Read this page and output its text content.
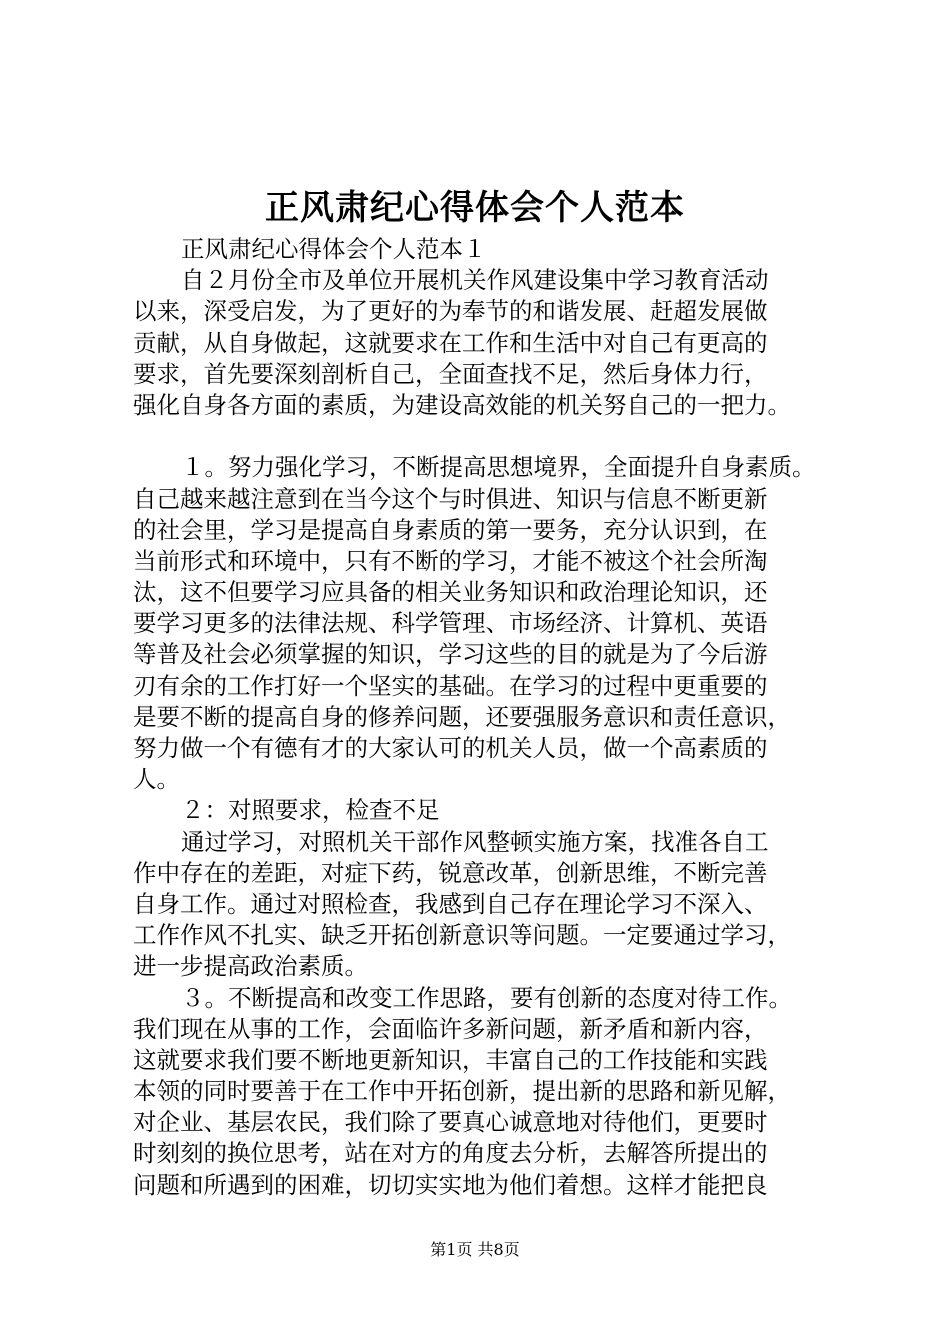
正风肃纪心得体会个人范本
正风肃纪心得体会个人范本１
自２月份全市及单位开展机关作风建设集中学习教育活动
以来，深受启发，为了更好的为奉节的和谐发展、赶超发展做
贡献，从自身做起，这就要求在工作和生活中对自己有更高的
要求，首先要深刻剖析自己，全面查找不足，然后身体力行，
强化自身各方面的素质，为建设高效能的机关努自己的一把力。
１。努力强化学习，不断提高思想境界，全面提升自身素质。
自己越来越注意到在当今这个与时俱进、知识与信息不断更新
的社会里，学习是提高自身素质的第一要务，充分认识到，在
当前形式和环境中，只有不断的学习，才能不被这个社会所淘
汰，这不但要学习应具备的相关业务知识和政治理论知识，还
要学习更多的法律法规、科学管理、市场经济、计算机、英语
等普及社会必须掌握的知识，学习这些的目的就是为了今后游
刃有余的工作打好一个坚实的基础。在学习的过程中更重要的
是要不断的提高自身的修养问题，还要强服务意识和责任意识，
努力做一个有德有才的大家认可的机关人员，做一个高素质的
人。
２：对照要求，检查不足
通过学习，对照机关干部作风整顿实施方案，找准各自工
作中存在的差距，对症下药，锐意改革，创新思维，不断完善
自身工作。通过对照检查，我感到自己存在理论学习不深入、
工作作风不扎实、缺乏开拓创新意识等问题。一定要通过学习，
进一步提高政治素质。
３。不断提高和改变工作思路，要有创新的态度对待工作。
我们现在从事的工作，会面临许多新问题，新矛盾和新内容，
这就要求我们要不断地更新知识，丰富自己的工作技能和实践
本领的同时要善于在工作中开拓创新，提出新的思路和新见解，
对企业、基层农民，我们除了要真心诚意地对待他们，更要时
时刻刻的换位思考，站在对方的角度去分析，去解答所提出的
问题和所遇到的困难，切切实实地为他们着想。这样才能把良
第1页 共8页
